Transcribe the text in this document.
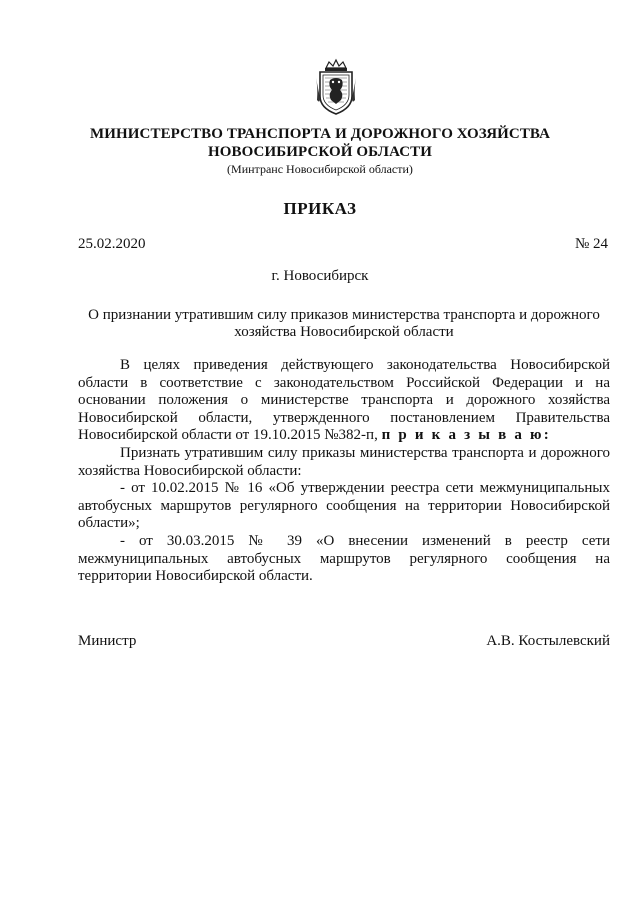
МИНИСТЕРСТВО ТРАНСПОРТА И ДОРОЖНОГО ХОЗЯЙСТВА
НОВОСИБИРСКОЙ ОБЛАСТИ
(Минтранс Новосибирской области)
ПРИКАЗ
25.02.2020	№ 24
г. Новосибирск
О признании утратившим силу приказов министерства транспорта и дорожного хозяйства Новосибирской области

В целях приведения действующего законодательства Новосибирской области в соответствие с законодательством Российской Федерации и на основании положения о министерстве транспорта и дорожного хозяйства Новосибирской области, утвержденного постановлением Правительства Новосибирской области от 19.10.2015 №382-п, п р и к а з ы в а ю:

Признать утратившим силу приказы министерства транспорта и дорожного хозяйства Новосибирской области:

- от 10.02.2015 № 16 «Об утверждении реестра сети межмуниципальных автобусных маршрутов регулярного сообщения на территории Новосибирской области»;

- от 30.03.2015 № 39 «О внесении изменений в реестр сети межмуниципальных автобусных маршрутов регулярного сообщения на территории Новосибирской области.

Министр	А.В. Костылевский
